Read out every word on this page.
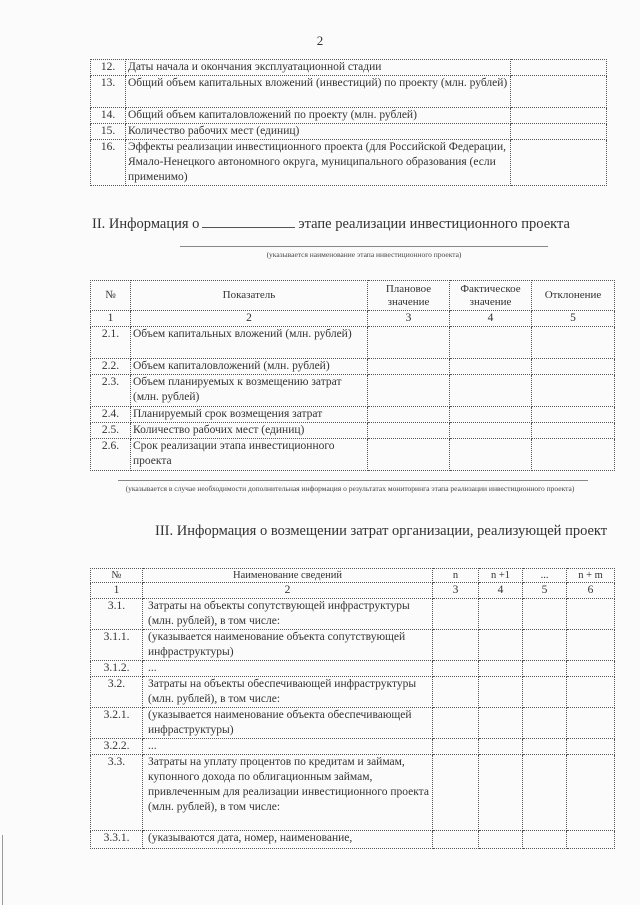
2
12.	Даты начала и окончания эксплуатационной стадии	
13.	Общий объем капитальных вложений (инвестиций) по проекту (млн. рублей)	
14.	Общий объем капиталовложений по проекту (млн. рублей)	
15.	Количество рабочих мест (единиц)	
16.	Эффекты реализации инвестиционного проекта (для Российской Федерации, Ямало-Ненецкого автономного округа, муниципального образования (если применимо)	
II. Информация о	этапе реализации инвестиционного проекта
(указывается наименование этапа инвестиционного проекта)
№	Показатель	Плановое значение	Фактическое значение	Отклонение
1	2	3	4	5
2.1.	Объем капитальных вложений (млн. рублей)			
2.2.	Объем капиталовложений (млн. рублей)			
2.3.	Объем планируемых к возмещению затрат (млн. рублей)			
2.4.	Планируемый срок возмещения затрат			
2.5.	Количество рабочих мест (единиц)			
2.6.	Срок реализации этапа инвестиционного проекта			
(указывается в случае необходимости дополнительная информация о результатах мониторинга этапа реализации инвестиционного проекта)
III. Информация о возмещении затрат организации, реализующей проект
№	Наименование сведений	n	n +1	...	n + m
1	2	3	4	5	6
3.1.	Затраты на объекты сопутствующей инфраструктуры (млн. рублей), в том числе:				
3.1.1.	(указывается наименование объекта сопутствующей инфраструктуры)				
3.1.2.	...				
3.2.	Затраты на объекты обеспечивающей инфраструктуры (млн. рублей), в том числе:				
3.2.1.	(указывается наименование объекта обеспечивающей инфраструктуры)				
3.2.2.	...				
3.3.	Затраты на уплату процентов по кредитам и займам, купонного дохода по облигационным займам, привлеченным для реализации инвестиционного проекта (млн. рублей), в том числе:				
3.3.1.	(указываются дата, номер, наименование,				
